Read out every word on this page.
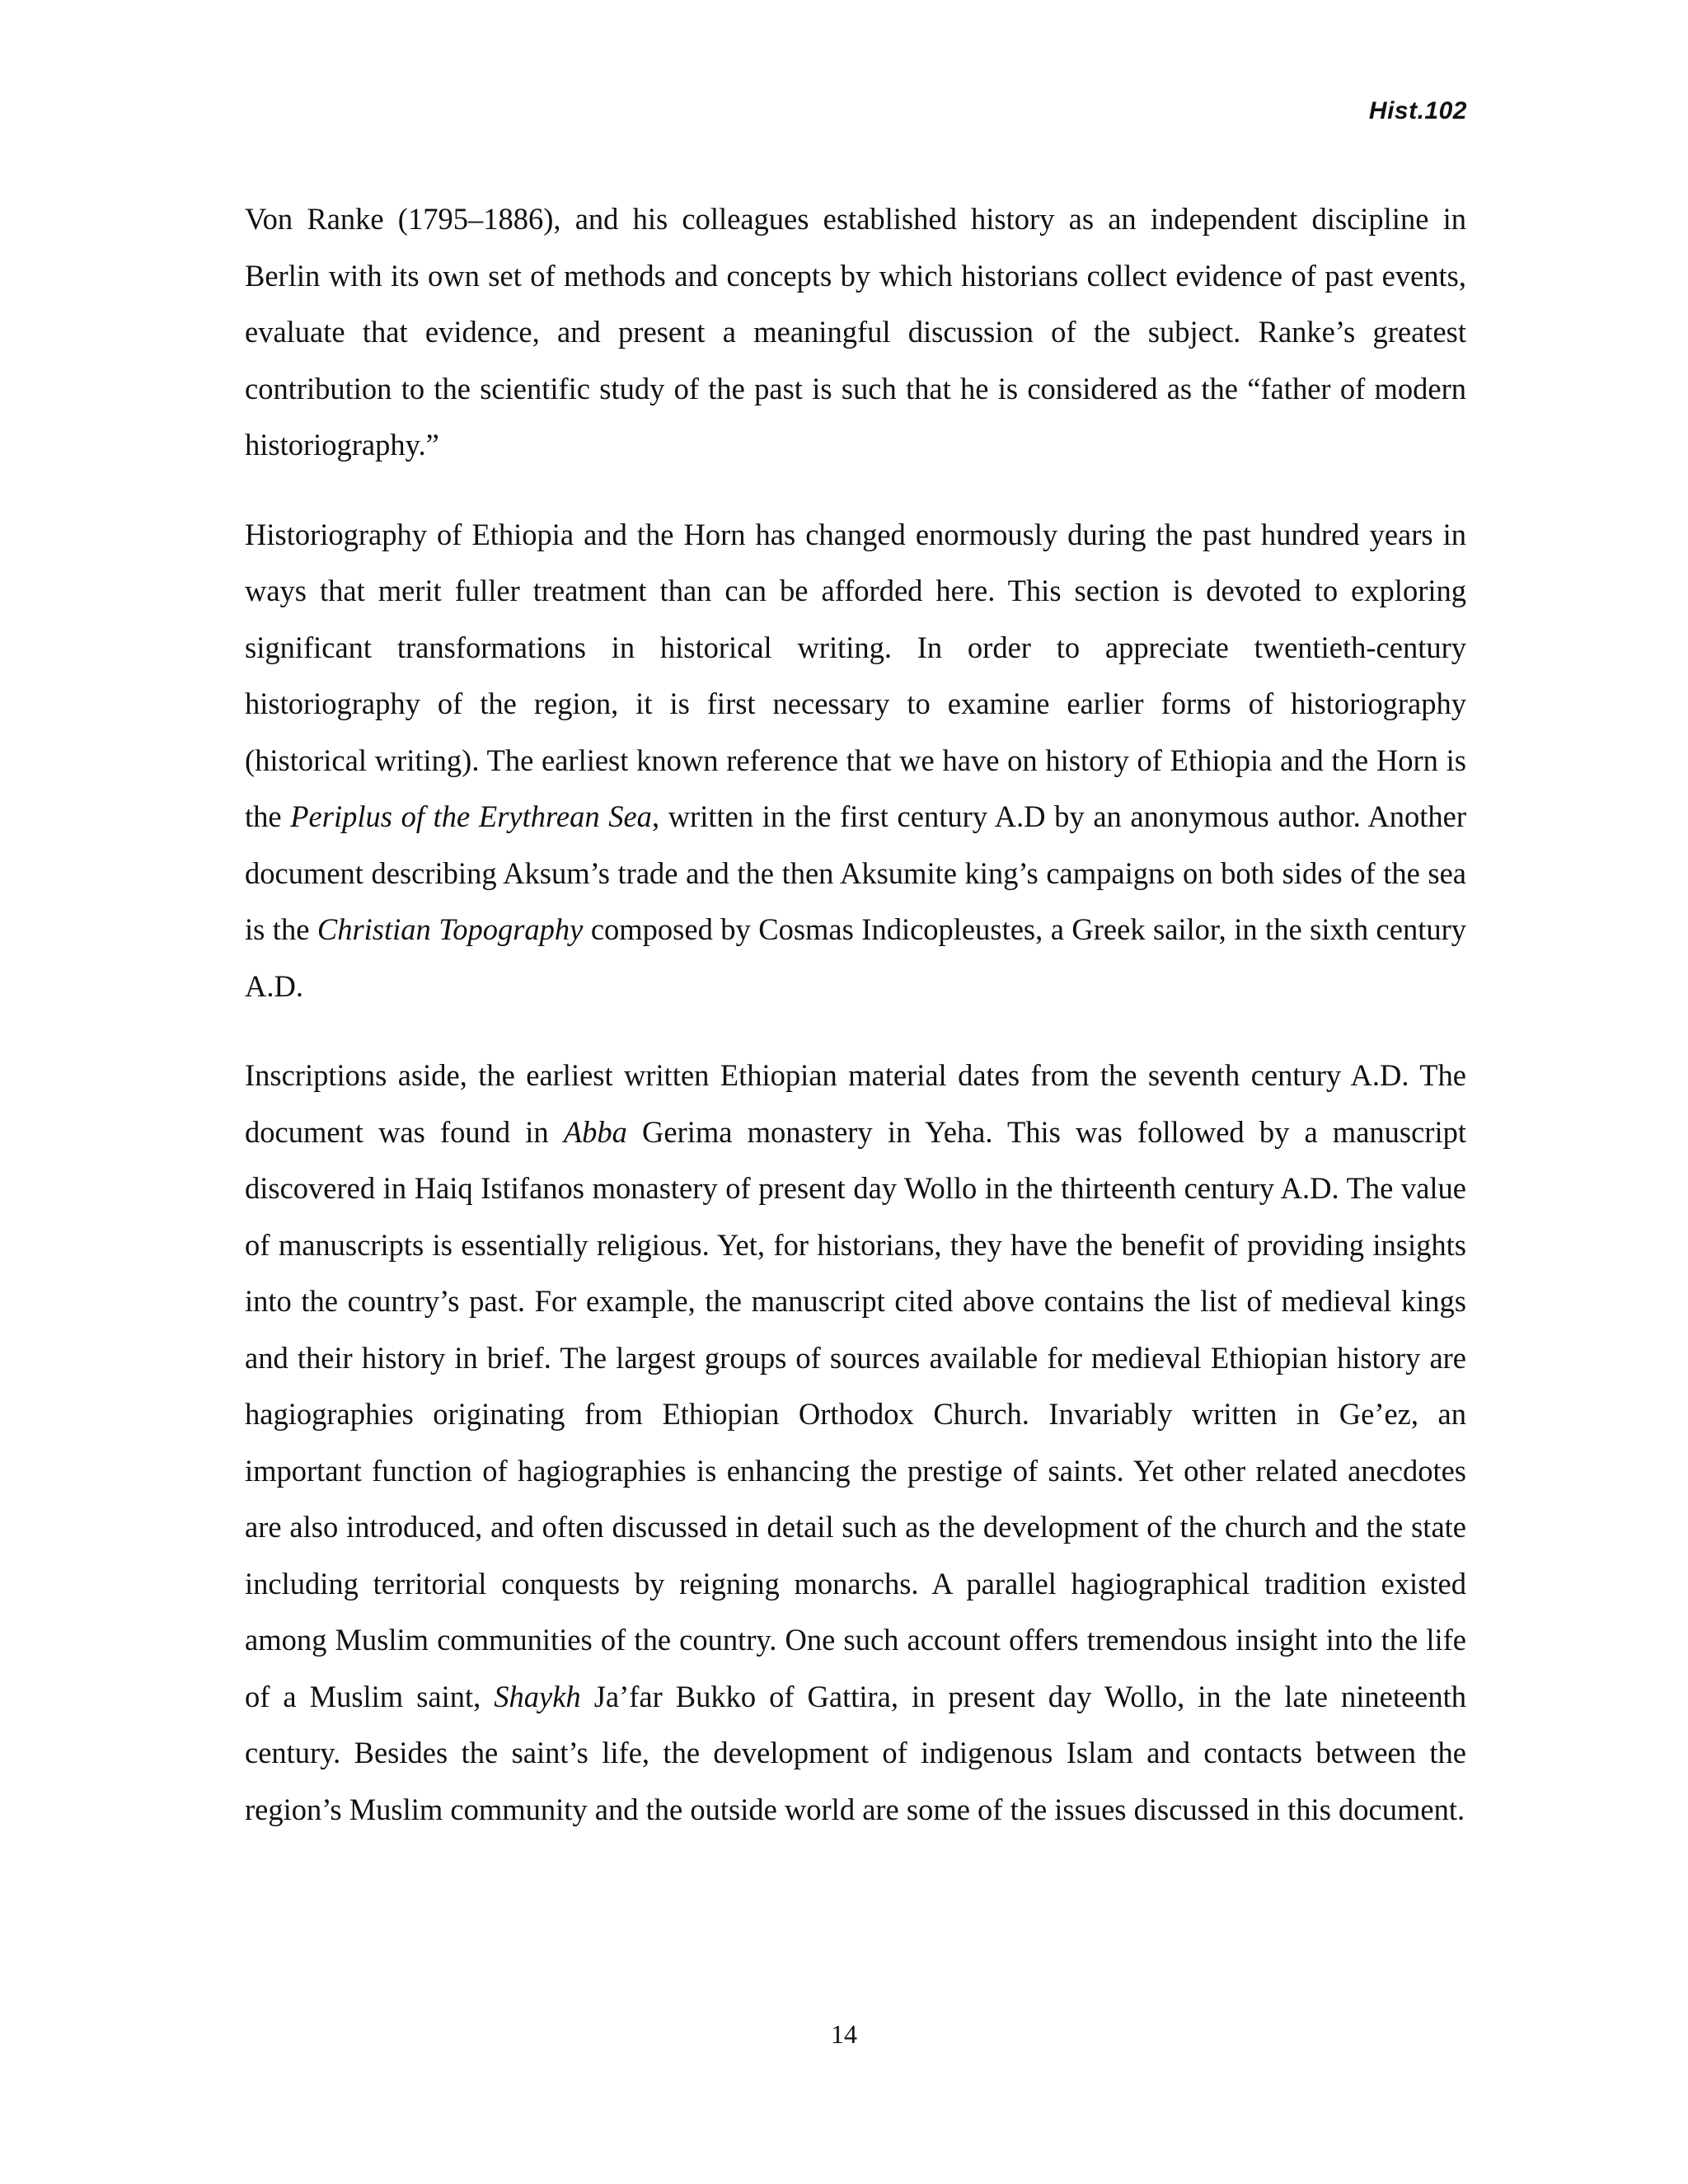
Hist.102

Von Ranke (1795–1886), and his colleagues established history as an independent discipline in Berlin with its own set of methods and concepts by which historians collect evidence of past events, evaluate that evidence, and present a meaningful discussion of the subject. Ranke’s greatest contribution to the scientific study of the past is such that he is considered as the “father of modern historiography.”

Historiography of Ethiopia and the Horn has changed enormously during the past hundred years in ways that merit fuller treatment than can be afforded here. This section is devoted to exploring significant transformations in historical writing. In order to appreciate twentieth-century historiography of the region, it is first necessary to examine earlier forms of historiography (historical writing). The earliest known reference that we have on history of Ethiopia and the Horn is the Periplus of the Erythrean Sea, written in the first century A.D by an anonymous author. Another document describing Aksum’s trade and the then Aksumite king’s campaigns on both sides of the sea is the Christian Topography composed by Cosmas Indicopleustes, a Greek sailor, in the sixth century A.D.

Inscriptions aside, the earliest written Ethiopian material dates from the seventh century A.D. The document was found in Abba Gerima monastery in Yeha. This was followed by a manuscript discovered in Haiq Istifanos monastery of present day Wollo in the thirteenth century A.D. The value of manuscripts is essentially religious. Yet, for historians, they have the benefit of providing insights into the country’s past. For example, the manuscript cited above contains the list of medieval kings and their history in brief. The largest groups of sources available for medieval Ethiopian history are hagiographies originating from Ethiopian Orthodox Church. Invariably written in Ge’ez, an important function of hagiographies is enhancing the prestige of saints. Yet other related anecdotes are also introduced, and often discussed in detail such as the development of the church and the state including territorial conquests by reigning monarchs. A parallel hagiographical tradition existed among Muslim communities of the country. One such account offers tremendous insight into the life of a Muslim saint, Shaykh Ja’far Bukko of Gattira, in present day Wollo, in the late nineteenth century. Besides the saint’s life, the development of indigenous Islam and contacts between the region’s Muslim community and the outside world are some of the issues discussed in this document.

14
